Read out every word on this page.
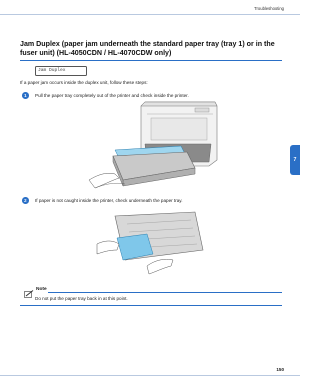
Troubleshooting
7
Jam Duplex (paper jam underneath the standard paper tray (tray 1) or in the fuser unit) (HL-4050CDN / HL-4070CDW only)
Jam Duplex
If a paper jam occurs inside the duplex unit, follow these steps:
1	Pull the paper tray completely out of the printer and check inside the printer.
2	If paper is not caught inside the printer, check underneath the paper tray.
Note
Do not put the paper tray back in at this point.
150
